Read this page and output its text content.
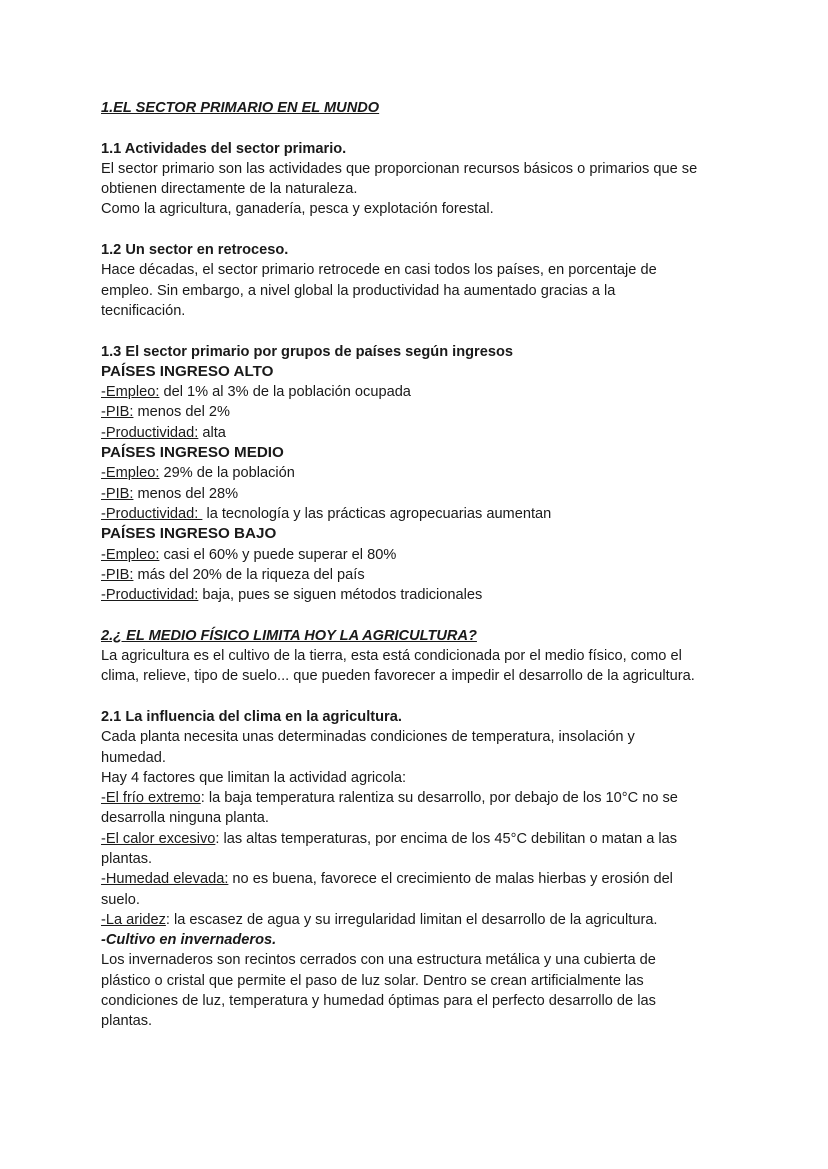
1.EL SECTOR PRIMARIO EN EL MUNDO

1.1 Actividades del sector primario.

El sector primario son las actividades que proporcionan recursos básicos o primarios que se

obtienen directamente de la naturaleza.

Como la agricultura, ganadería, pesca y explotación forestal.

1.2 Un sector en retroceso.

Hace décadas, el sector primario retrocede en casi todos los países, en porcentaje de

empleo. Sin embargo, a nivel global la productividad ha aumentado gracias a la

tecnificación.

1.3 El sector primario por grupos de países según ingresos

PAÍSES INGRESO ALTO

-Empleo: del 1% al 3% de la población ocupada

-PIB: menos del 2%

-Productividad: alta

PAÍSES INGRESO MEDIO

-Empleo: 29% de la población

-PIB: menos del 28%

-Productividad:  la tecnología y las prácticas agropecuarias aumentan

PAÍSES INGRESO BAJO

-Empleo: casi el 60% y puede superar el 80%

-PIB: más del 20% de la riqueza del país

-Productividad: baja, pues se siguen métodos tradicionales

2.¿ EL MEDIO FÍSICO LIMITA HOY LA AGRICULTURA?

La agricultura es el cultivo de la tierra, esta está condicionada por el medio físico, como el

clima, relieve, tipo de suelo... que pueden favorecer a impedir el desarrollo de la agricultura.

2.1 La influencia del clima en la agricultura.

Cada planta necesita unas determinadas condiciones de temperatura, insolación y

humedad.

Hay 4 factores que limitan la actividad agricola:

-El frío extremo: la baja temperatura ralentiza su desarrollo, por debajo de los 10°C no se

desarrolla ninguna planta.

-El calor excesivo: las altas temperaturas, por encima de los 45°C debilitan o matan a las

plantas.

-Humedad elevada: no es buena, favorece el crecimiento de malas hierbas y erosión del

suelo.

-La aridez: la escasez de agua y su irregularidad limitan el desarrollo de la agricultura.

-Cultivo en invernaderos.

Los invernaderos son recintos cerrados con una estructura metálica y una cubierta de

plástico o cristal que permite el paso de luz solar. Dentro se crean artificialmente las

condiciones de luz, temperatura y humedad óptimas para el perfecto desarrollo de las

plantas.
